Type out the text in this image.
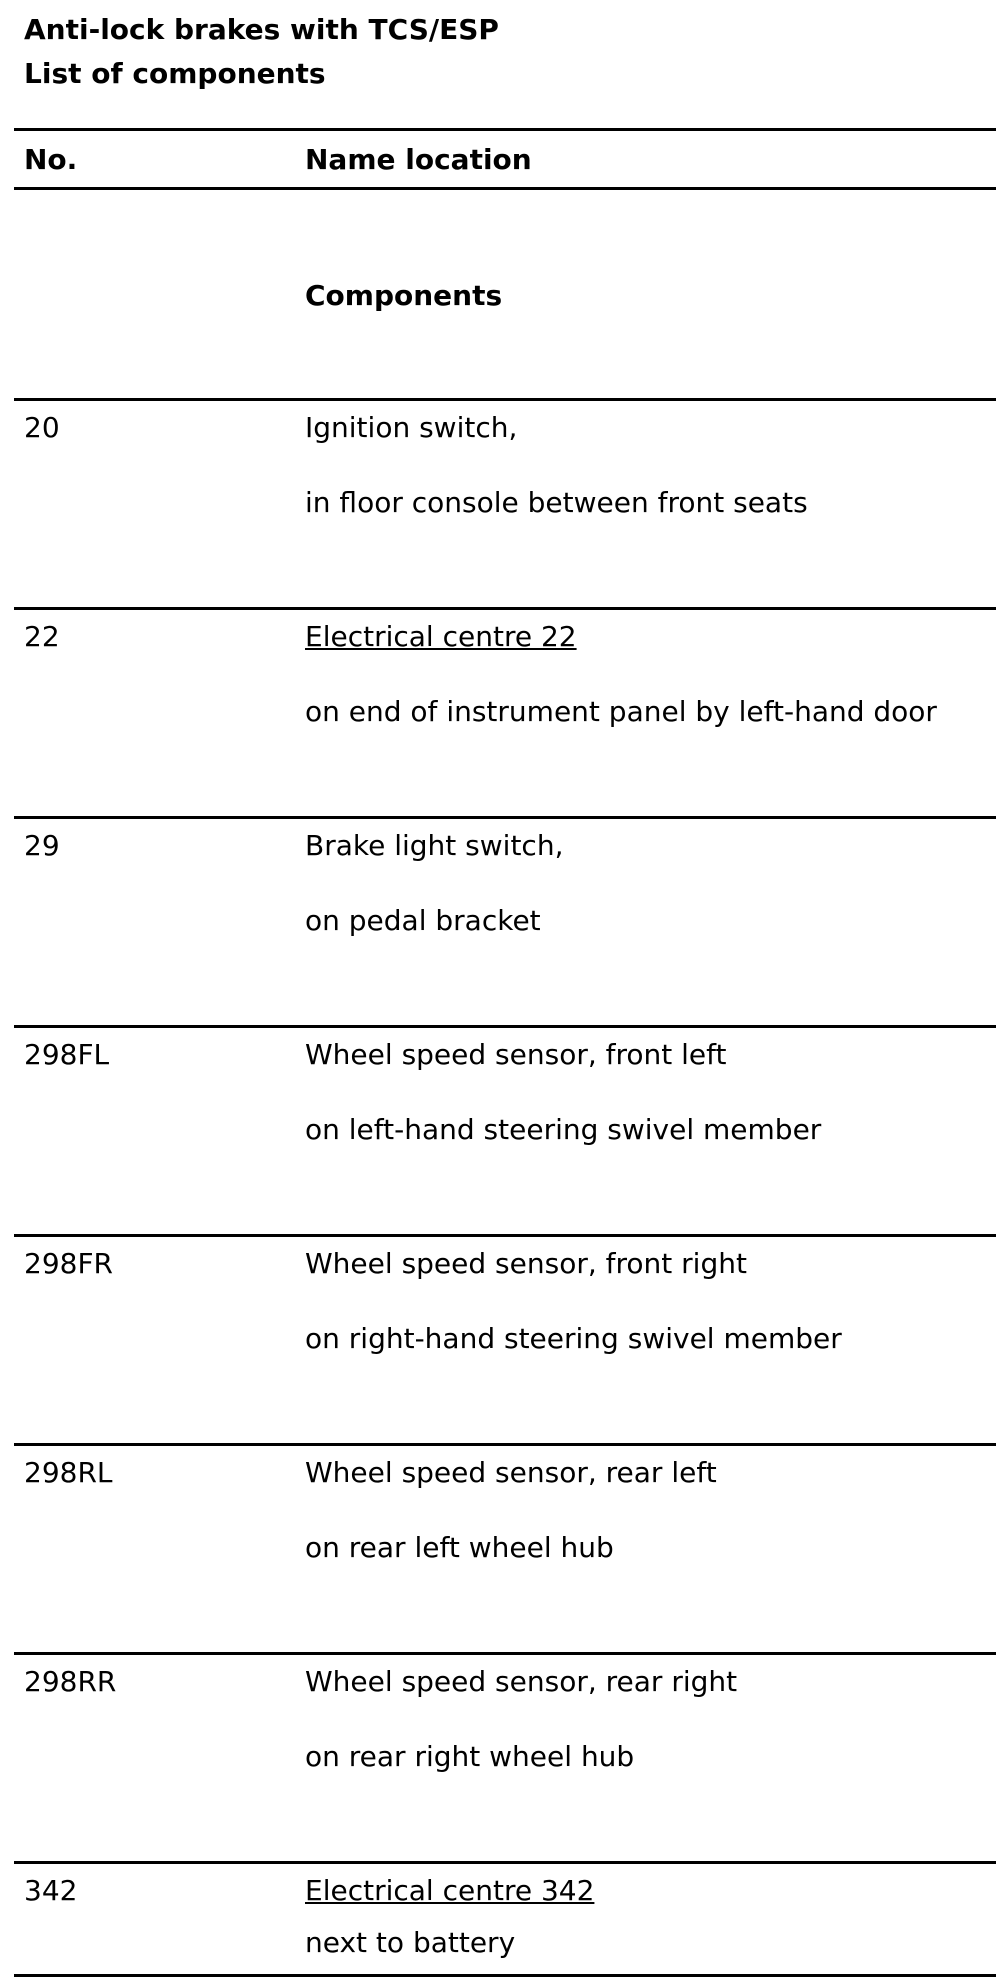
Anti-lock brakes with TCS/ESP
List of components
No.	Name location
Components
20	Ignition switch,
in floor console between front seats
22	Electrical centre 22
on end of instrument panel by left-hand door
29	Brake light switch,
on pedal bracket
298FL	Wheel speed sensor, front left
on left-hand steering swivel member
298FR	Wheel speed sensor, front right
on right-hand steering swivel member
298RL	Wheel speed sensor, rear left
on rear left wheel hub
298RR	Wheel speed sensor, rear right
on rear right wheel hub
342	Electrical centre 342
next to battery
